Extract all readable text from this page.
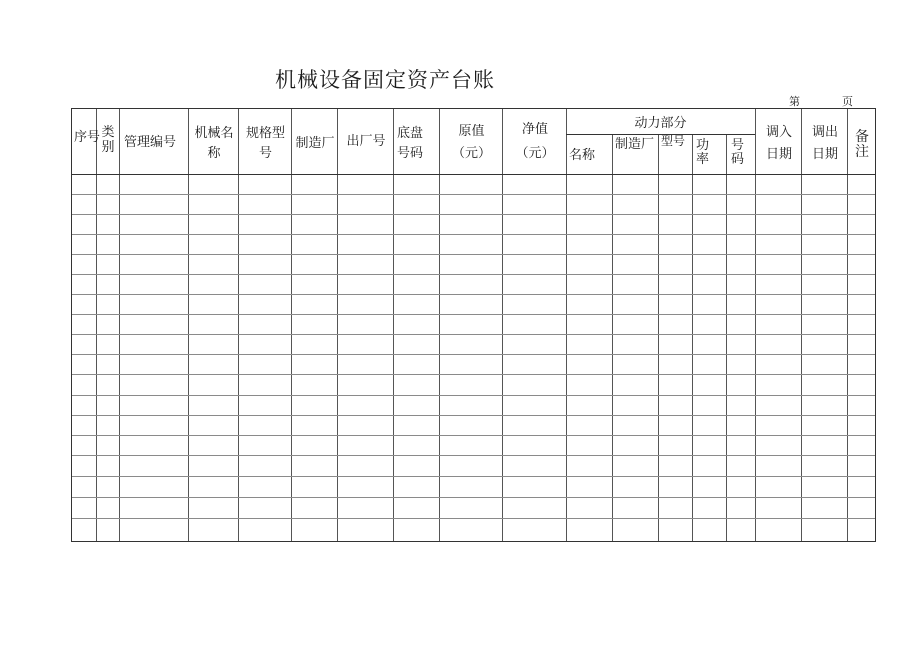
机械设备固定资产台账
第	页
序号 类别 管理编号
机械名
称
规格型
号
制造厂 出厂号
底盘
号码
原值
（元）
净值
（元）
动力部分
名称
制造厂 型号 功
率
号
码
调入
日期
调出
日期
备
注
